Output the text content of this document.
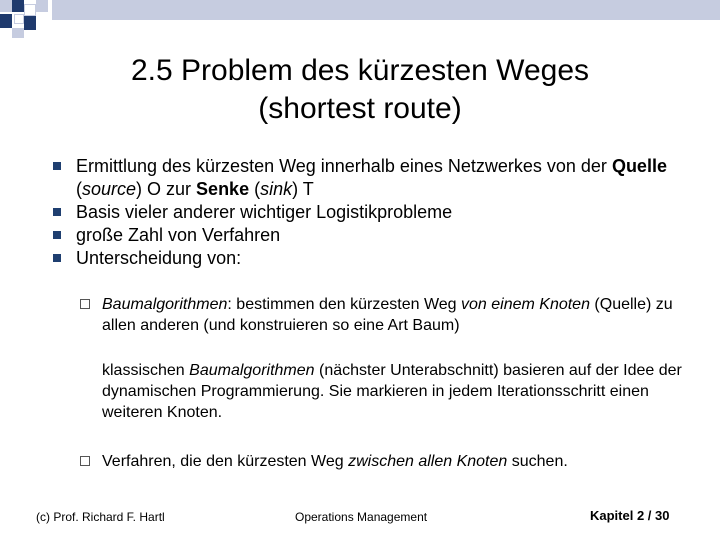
2.5 Problem des kürzesten Weges
(shortest route)
Ermittlung des kürzesten Weg innerhalb eines Netzwerkes von der Quelle (source) O zur Senke (sink) T
Basis vieler anderer wichtiger Logistikprobleme
große Zahl von Verfahren
Unterscheidung von:
Baumalgorithmen: bestimmen den kürzesten Weg von einem Knoten (Quelle) zu allen anderen (und konstruieren so eine Art Baum)
klassischen Baumalgorithmen (nächster Unterabschnitt) basieren auf der Idee der dynamischen Programmierung. Sie markieren in jedem Iterationsschritt einen weiteren Knoten.
Verfahren, die den kürzesten Weg zwischen allen Knoten suchen.
(c) Prof. Richard F. Hartl	Operations Management	Kapitel 2 / 30
